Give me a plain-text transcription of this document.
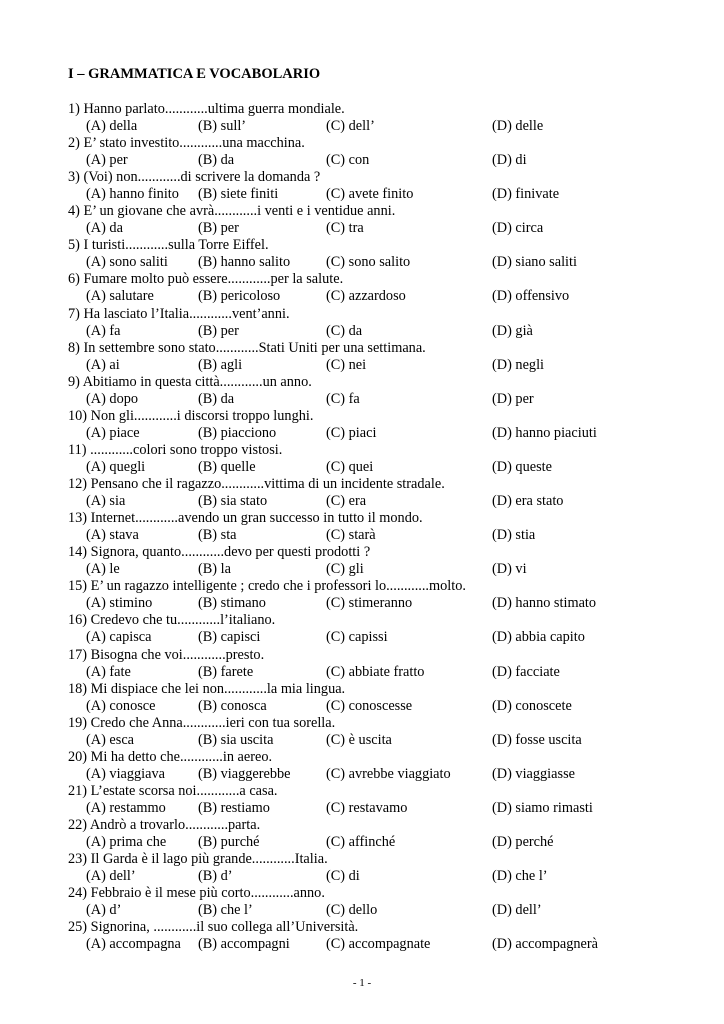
I – GRAMMATICA E VOCABOLARIO
1) Hanno parlato............ultima guerra mondiale.
(A) della	(B) sull’	(C) dell’	(D) delle
2) E’ stato investito............una macchina.
(A) per	(B) da	(C) con	(D) di
3) (Voi) non............di scrivere la domanda ?
(A) hanno finito (B) siete finiti	(C) avete finito	(D) finivate
4) E’ un giovane che avrà............i venti e i ventidue anni.
(A) da	(B) per	(C) tra	(D) circa
5) I turisti............sulla Torre Eiffel.
(A) sono saliti (B) hanno salito	(C) sono salito	(D) siano saliti
6) Fumare molto può essere............per la salute.
(A) salutare	(B) pericoloso	(C) azzardoso	(D) offensivo
7) Ha lasciato l’Italia............vent’anni.
(A) fa	(B) per	(C) da	(D) già
8) In settembre sono stato............Stati Uniti per una settimana.
(A) ai	(B) agli	(C) nei	(D) negli
9) Abitiamo in questa città............un anno.
(A) dopo	(B) da	(C) fa	(D) per
10) Non gli............i discorsi troppo lunghi.
(A) piace	(B) piacciono	(C) piaci	(D) hanno piaciuti
11) ............colori sono troppo vistosi.
(A) quegli	(B) quelle	(C) quei	(D) queste
12) Pensano che il ragazzo............vittima di un incidente stradale.
(A) sia	(B) sia stato	(C) era	(D) era stato
13) Internet............avendo un gran successo in tutto il mondo.
(A) stava	(B) sta	(C) starà	(D) stia
14) Signora, quanto............devo per questi prodotti ?
(A) le	(B) la	(C) gli	(D) vi
15) E’ un ragazzo intelligente ; credo che i professori lo............molto.
(A) stimino	(B) stimano	(C) stimeranno	(D) hanno stimato
16) Credevo che tu............l’italiano.
(A) capisca	(B) capisci	(C) capissi	(D) abbia capito
17) Bisogna che voi............presto.
(A) fate	(B) farete	(C) abbiate fratto	(D) facciate
18) Mi dispiace che lei non............la mia lingua.
(A) conosce	(B) conosca	(C) conoscesse	(D) conoscete
19) Credo che Anna............ieri con tua sorella.
(A) esca	(B) sia uscita	(C) è uscita	(D) fosse uscita
20) Mi ha detto che............in aereo.
(A) viaggiava (B) viaggerebbe (C) avrebbe viaggiato	(D) viaggiasse
21) L’estate scorsa noi............a casa.
(A) restammo (B) restiamo	(C) restavamo	(D) siamo rimasti
22) Andrò a trovarlo............parta.
(A) prima che (B) purché	(C) affinché	(D) perché
23) Il Garda è il lago più grande............Italia.
(A) dell’	(B) d’	(C) di	(D) che l’
24) Febbraio è il mese più corto............anno.
(A) d’	(B) che l’	(C) dello	(D) dell’
25) Signorina, ............il suo collega all’Università.
(A) accompagna (B) accompagni	(C) accompagnate	(D) accompagnerà
- 1 -
